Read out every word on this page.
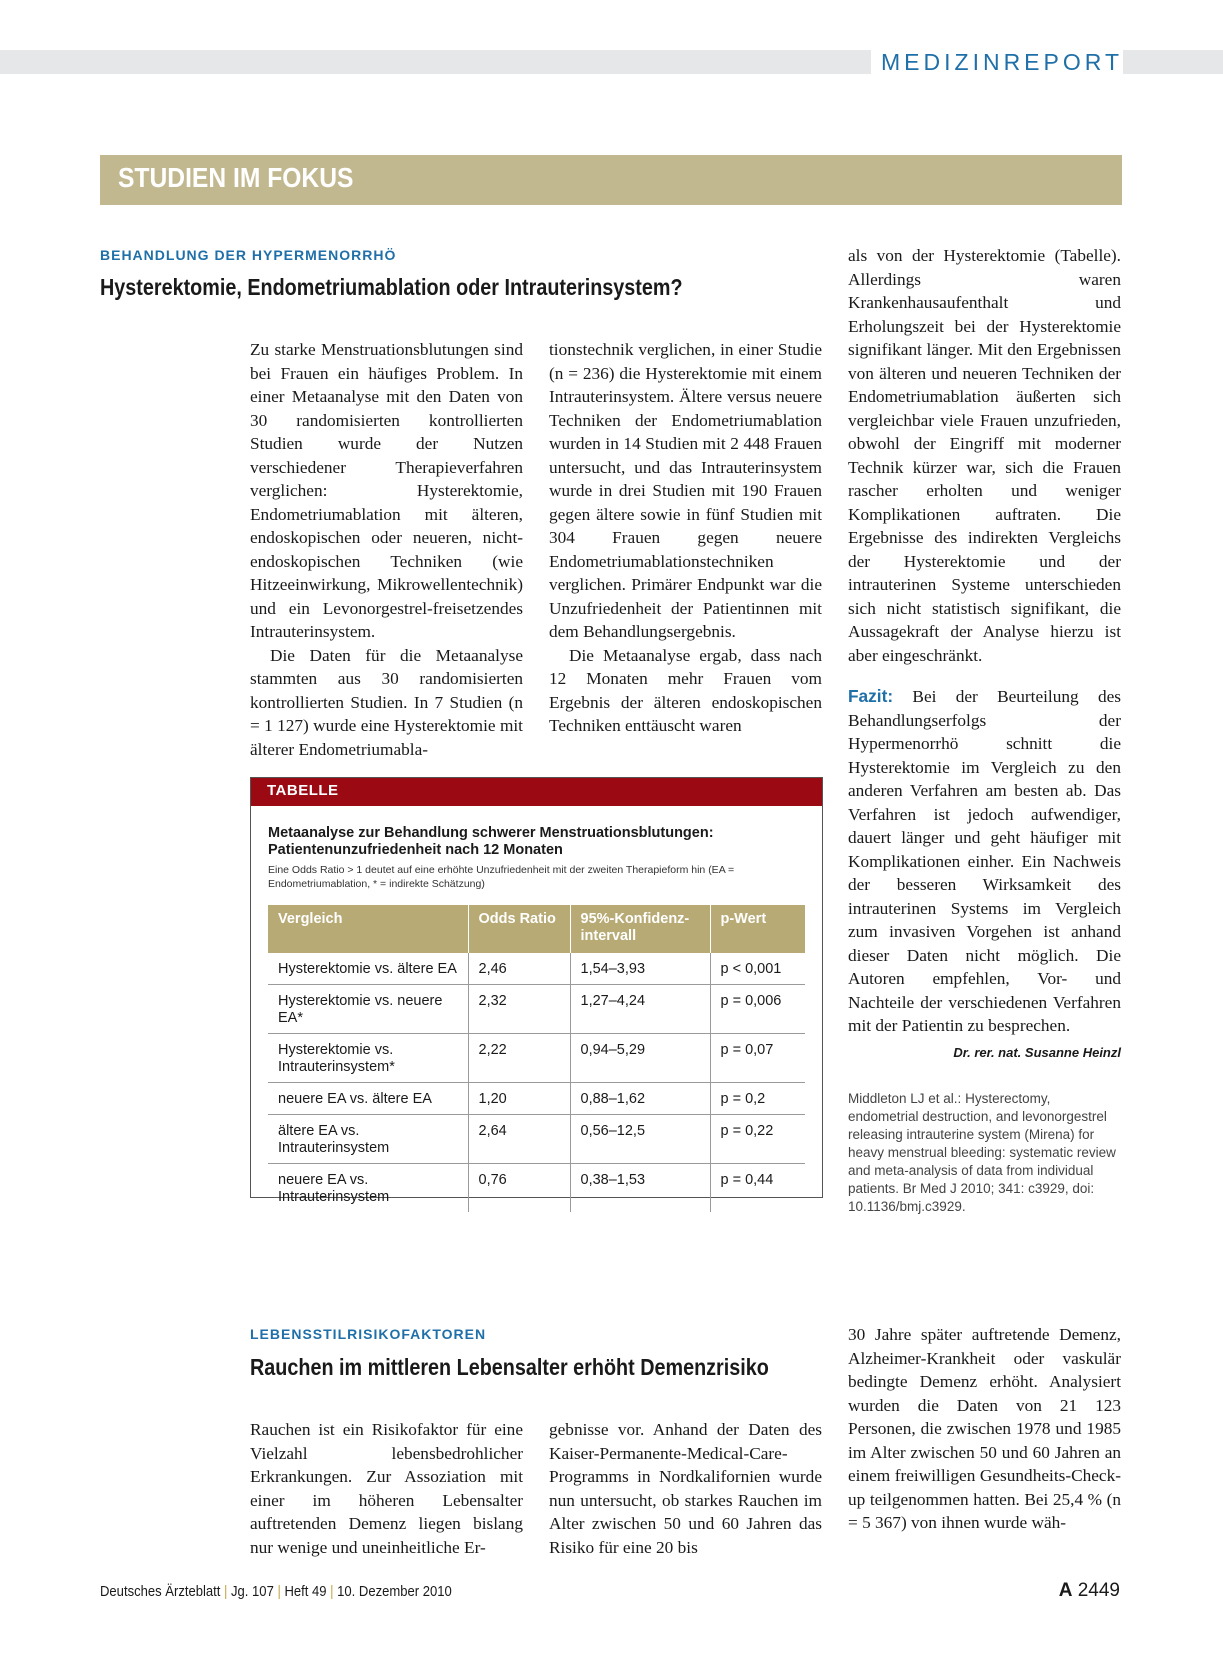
MEDIZINREPORT
STUDIEN IM FOKUS
BEHANDLUNG DER HYPERMENORRHÖ
Hysterektomie, Endometriumablation oder Intrauterinsystem?

Zu starke Menstruationsblutungen sind bei Frauen ein häufiges Problem. In einer Metaanalyse mit den Daten von 30 randomisierten kontrollierten Studien wurde der Nutzen verschiedener Therapieverfahren verglichen: Hysterektomie, Endometriumablation mit älteren, endoskopischen oder neueren, nicht-endoskopischen Techniken (wie Hitzeeinwirkung, Mikrowellentechnik) und ein Levonorgestrel-freisetzendes Intrauterinsystem.

Die Daten für die Metaanalyse stammten aus 30 randomisierten kontrollierten Studien. In 7 Studien (n = 1 127) wurde eine Hysterektomie mit älterer Endometriumabla-

tionstechnik verglichen, in einer Studie (n = 236) die Hysterektomie mit einem Intrauterinsystem. Ältere versus neuere Techniken der Endometriumablation wurden in 14 Studien mit 2 448 Frauen untersucht, und das Intrauterinsystem wurde in drei Studien mit 190 Frauen gegen ältere sowie in fünf Studien mit 304 Frauen gegen neuere Endometriumablationstechniken verglichen. Primärer Endpunkt war die Unzufriedenheit der Patientinnen mit dem Behandlungsergebnis.

Die Metaanalyse ergab, dass nach 12 Monaten mehr Frauen vom Ergebnis der älteren endoskopischen Techniken enttäuscht waren

als von der Hysterektomie (Tabelle). Allerdings waren Krankenhausaufenthalt und Erholungszeit bei der Hysterektomie signifikant länger. Mit den Ergebnissen von älteren und neueren Techniken der Endometriumablation äußerten sich vergleichbar viele Frauen unzufrieden, obwohl der Eingriff mit moderner Technik kürzer war, sich die Frauen rascher erholten und weniger Komplikationen auftraten. Die Ergebnisse des indirekten Vergleichs der Hysterektomie und der intrauterinen Systeme unterschieden sich nicht statistisch signifikant, die Aussagekraft der Analyse hierzu ist aber eingeschränkt.

Fazit: Bei der Beurteilung des Behandlungserfolgs der Hypermenorrhö schnitt die Hysterektomie im Vergleich zu den anderen Verfahren am besten ab. Das Verfahren ist jedoch aufwendiger, dauert länger und geht häufiger mit Komplikationen einher. Ein Nachweis der besseren Wirksamkeit des intrauterinen Systems im Vergleich zum invasiven Vorgehen ist anhand dieser Daten nicht möglich. Die Autoren empfehlen, Vor- und Nachteile der verschiedenen Verfahren mit der Patientin zu besprechen.

Dr. rer. nat. Susanne Heinzl
Middleton LJ et al.: Hysterectomy, endometrial destruction, and levonorgestrel releasing intrauterine system (Mirena) for heavy menstrual bleeding: systematic review and meta-analysis of data from individual patients. Br Med J 2010; 341: c3929, doi: 10.1136/bmj.c3929.
TABELLE
Metaanalyse zur Behandlung schwerer Menstruationsblutungen: Patientenunzufriedenheit nach 12 Monaten
Eine Odds Ratio > 1 deutet auf eine erhöhte Unzufriedenheit mit der zweiten Therapieform hin (EA = Endometriumablation, * = indirekte Schätzung)
Vergleich	Odds Ratio	95%-Konfidenz-intervall	p-Wert
Hysterektomie vs. ältere EA	2,46	1,54–3,93	p < 0,001
Hysterektomie vs. neuere EA*	2,32	1,27–4,24	p = 0,006
Hysterektomie vs. Intrauterinsystem*	2,22	0,94–5,29	p = 0,07
neuere EA vs. ältere EA	1,20	0,88–1,62	p = 0,2
ältere EA vs. Intrauterinsystem	2,64	0,56–12,5	p = 0,22
neuere EA vs. Intrauterinsystem	0,76	0,38–1,53	p = 0,44
LEBENSSTILRISIKOFAKTOREN
Rauchen im mittleren Lebensalter erhöht Demenzrisiko

Rauchen ist ein Risikofaktor für eine Vielzahl lebensbedrohlicher Erkrankungen. Zur Assoziation mit einer im höheren Lebensalter auftretenden Demenz liegen bislang nur wenige und uneinheitliche Er-

gebnisse vor. Anhand der Daten des Kaiser-Permanente-Medical-Care-Programms in Nordkalifornien wurde nun untersucht, ob starkes Rauchen im Alter zwischen 50 und 60 Jahren das Risiko für eine 20 bis

30 Jahre später auftretende Demenz, Alzheimer-Krankheit oder vaskulär bedingte Demenz erhöht. Analysiert wurden die Daten von 21 123 Personen, die zwischen 1978 und 1985 im Alter zwischen 50 und 60 Jahren an einem freiwilligen Gesundheits-Check-up teilgenommen hatten. Bei 25,4 % (n = 5 367) von ihnen wurde wäh-

Deutsches Ärzteblatt | Jg. 107 | Heft 49 | 10. Dezember 2010	A 2449
